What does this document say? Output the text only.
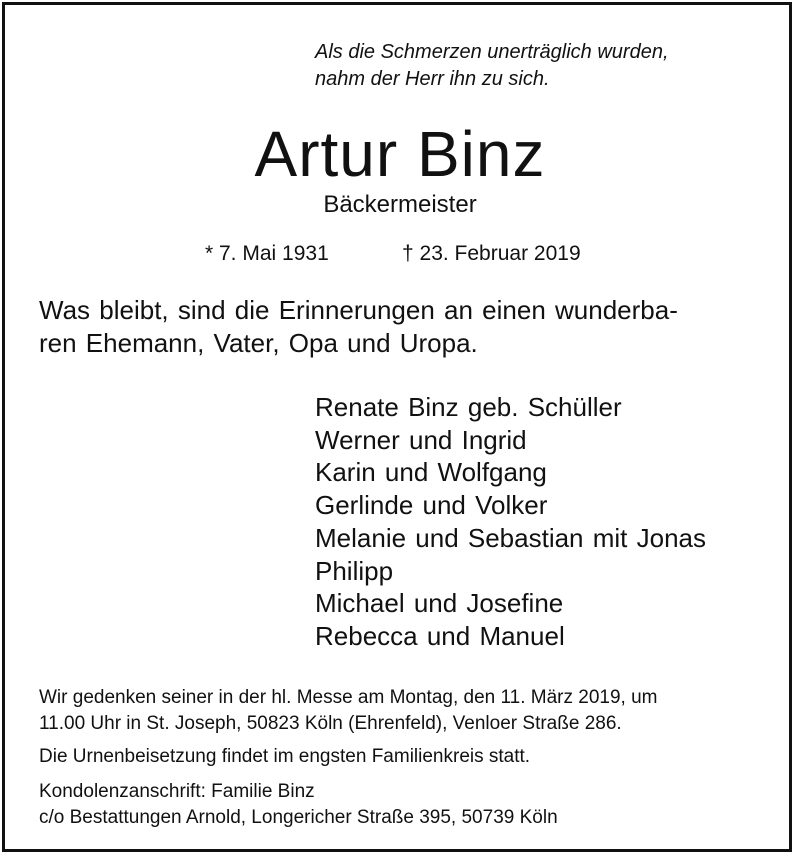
Als die Schmerzen unerträglich wurden,
nahm der Herr ihn zu sich.
Artur Binz
Bäckermeister
* 7. Mai 1931	† 23. Februar 2019
Was bleibt, sind die Erinnerungen an einen wunderba-
ren Ehemann, Vater, Opa und Uropa.
Renate Binz geb. Schüller
Werner und Ingrid
Karin und Wolfgang
Gerlinde und Volker
Melanie und Sebastian mit Jonas
Philipp
Michael und Josefine
Rebecca und Manuel
Wir gedenken seiner in der hl. Messe am Montag, den 11. März 2019, um
11.00 Uhr in St. Joseph, 50823 Köln (Ehrenfeld), Venloer Straße 286.
Die Urnenbeisetzung findet im engsten Familienkreis statt.
Kondolenzanschrift: Familie Binz
c/o Bestattungen Arnold, Longericher Straße 395, 50739 Köln
